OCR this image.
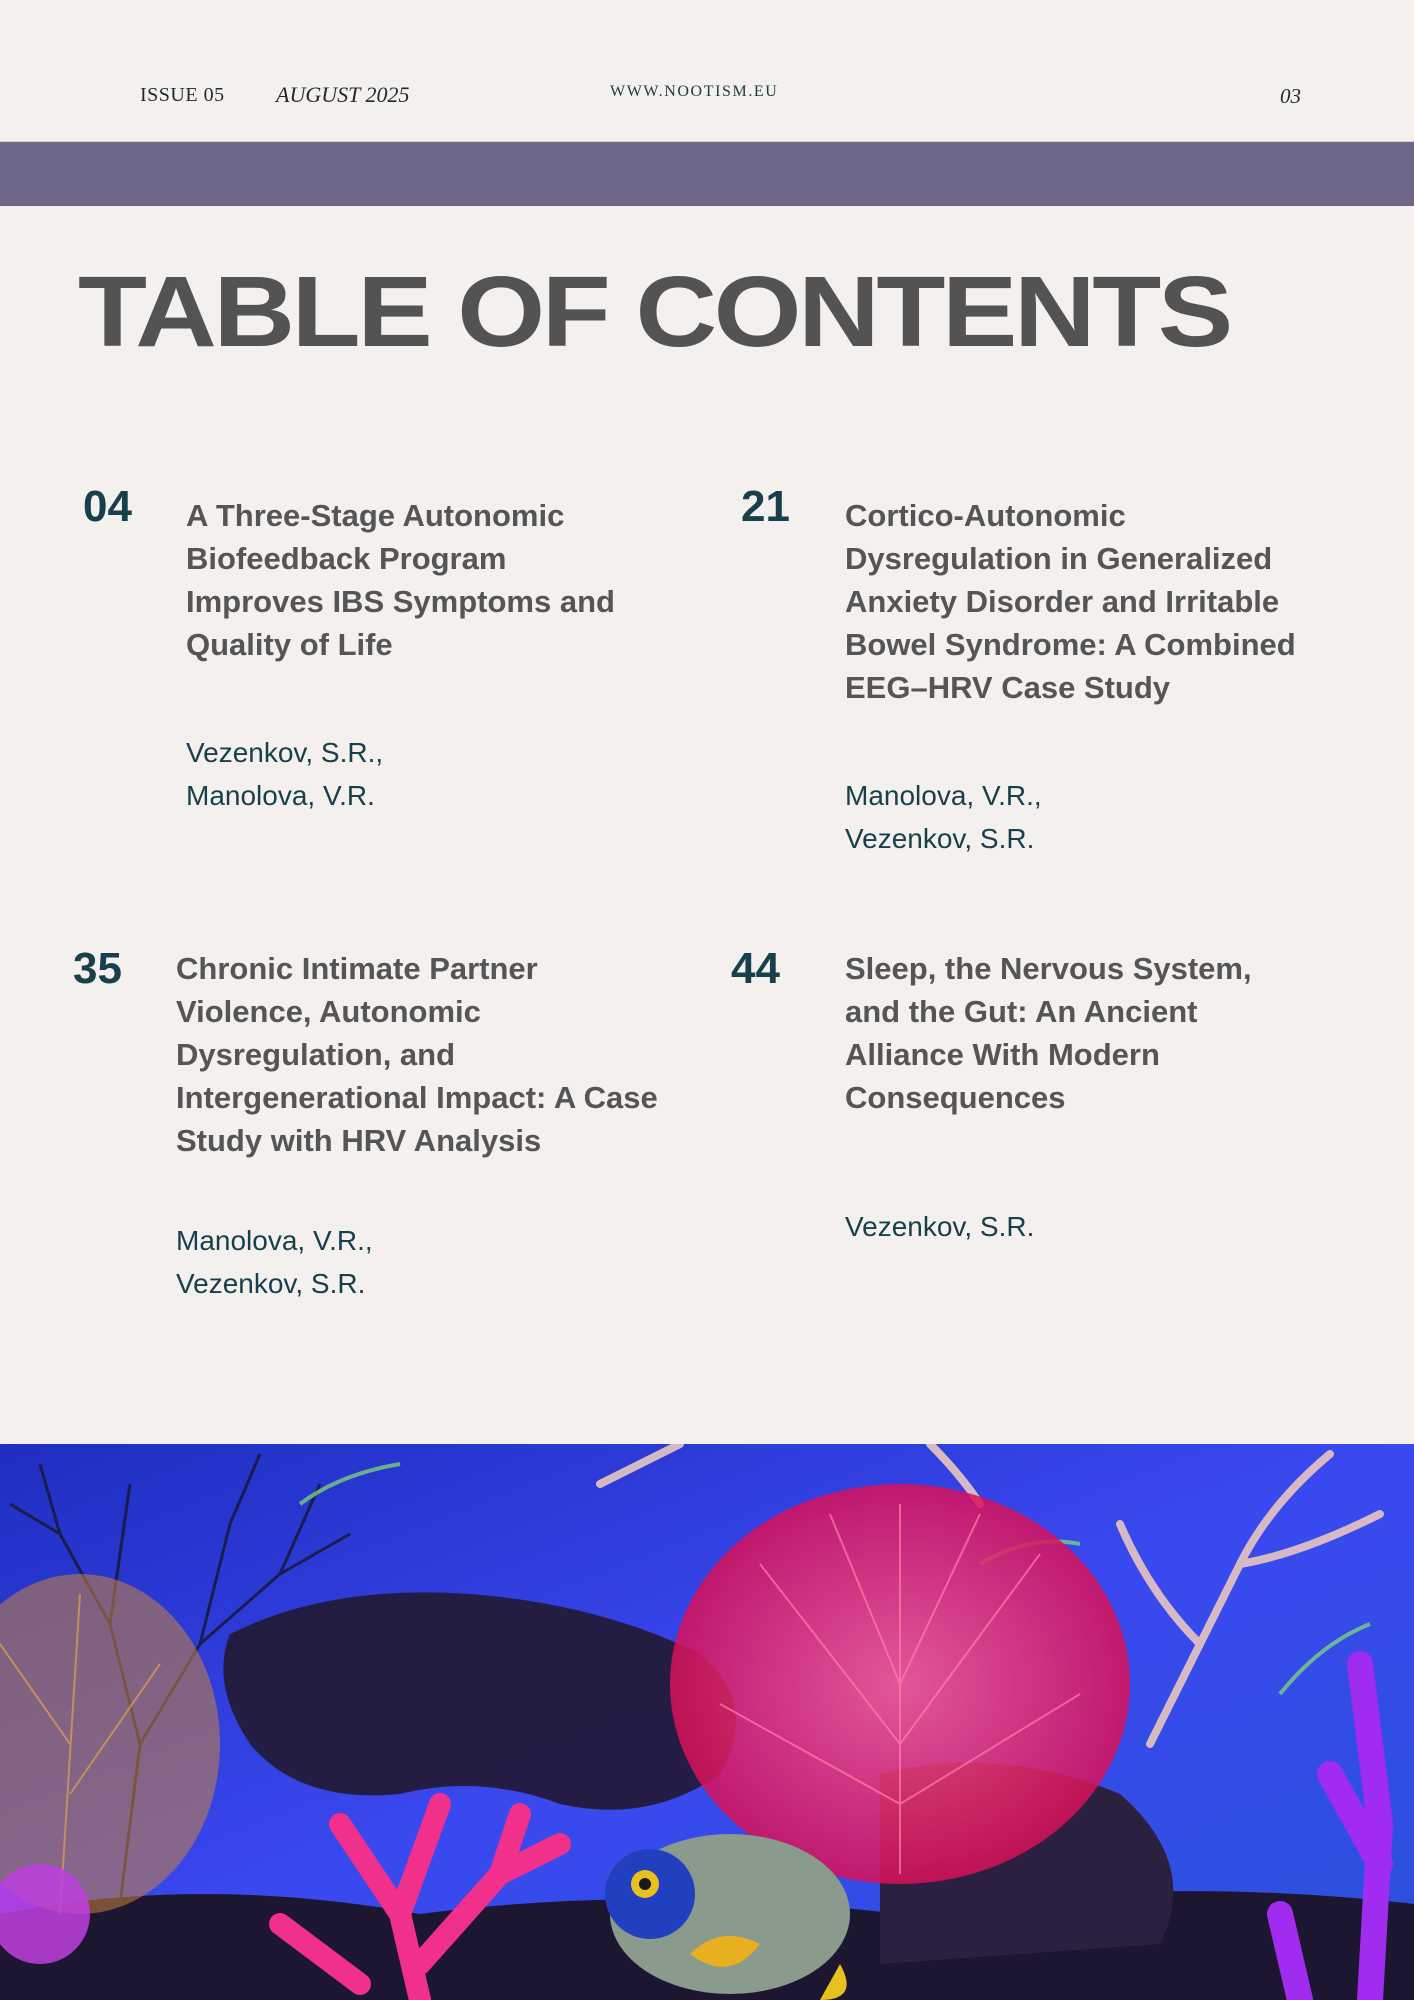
ISSUE 05 AUGUST 2025	WWW.NOOTISM.EU	03
TABLE OF CONTENTS
04 A Three-Stage Autonomic Biofeedback Program Improves IBS Symptoms and Quality of Life

Vezenkov, S.R.,
Manolova, V.R.
21 Cortico-Autonomic Dysregulation in Generalized Anxiety Disorder and Irritable Bowel Syndrome: A Combined EEG–HRV Case Study

Manolova, V.R.,
Vezenkov, S.R.
35 Chronic Intimate Partner Violence, Autonomic Dysregulation, and Intergenerational Impact: A Case Study with HRV Analysis

Manolova, V.R.,
Vezenkov, S.R.
44 Sleep, the Nervous System, and the Gut: An Ancient Alliance With Modern Consequences

Vezenkov, S.R.
